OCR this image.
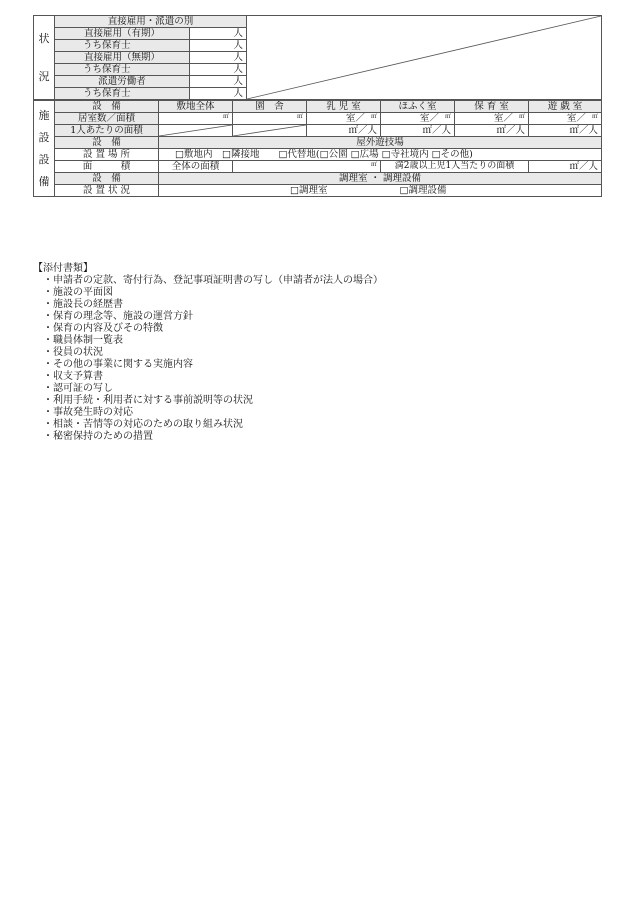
状
況	直接雇用・派遣の別	

	直接雇用（有期）	人	
	うち保育士	人	
	直接雇用（無期）	人	
	うち保育士	人	
	派遣労働者	人	
	うち保育士	人	
施
設
設
備	設　備	敷地全体	園　舎	乳 児 室	ほふく室	保 育 室	遊 戯 室
	居室数／面積	㎡	㎡	室／ ㎡	室／ ㎡	室／ ㎡	室／ ㎡
	1人あたりの面積			㎡／人	㎡／人	㎡／人	㎡／人
	設　備	屋外遊技場					
	設 置 場 所	□敷地内　□隣接地　　□代替地(□公園 □広場 □寺社境内 □その他)					
	面　　　積	全体の面積	㎡		満2歳以上児1人当たりの面積		㎡／人
	設　備	調理室 ・ 調理設備					
	設 置 状 況	□調理室 □調理設備					
【添付書類】
・申請者の定款、寄付行為、登記事項証明書の写し（申請者が法人の場合）
・施設の平面図
・施設長の経歴書
・保育の理念等、施設の運営方針
・保育の内容及びその特徴
・職員体制一覧表
・役員の状況
・その他の事業に関する実施内容
・収支予算書
・認可証の写し
・利用手続・利用者に対する事前説明等の状況
・事故発生時の対応
・相談・苦情等の対応のための取り組み状況
・秘密保持のための措置
